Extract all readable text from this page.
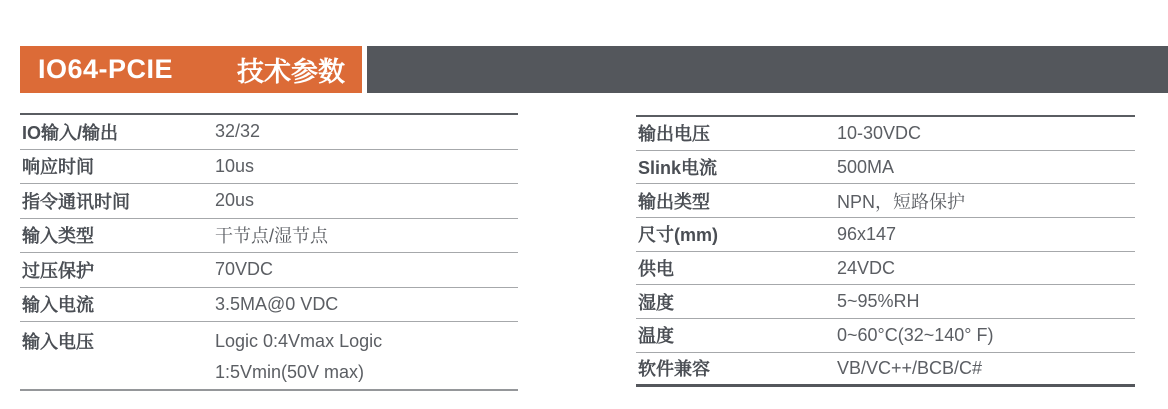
IO64-PCIE 技术参数
IO输入/输出	32/32
响应时间	10us
指令通讯时间	20us
输入类型	干节点/湿节点
过压保护	70VDC
输入电流	3.5MA@0 VDC
输入电压	Logic 0:4Vmax Logic
1:5Vmin(50V max)
输出电压	10-30VDC
Slink电流	500MA
输出类型	NPN，短路保护
尺寸(mm)	96x147
供电	24VDC
湿度	5~95%RH
温度	0~60°C(32~140° F)
软件兼容	VB/VC++/BCB/C#
